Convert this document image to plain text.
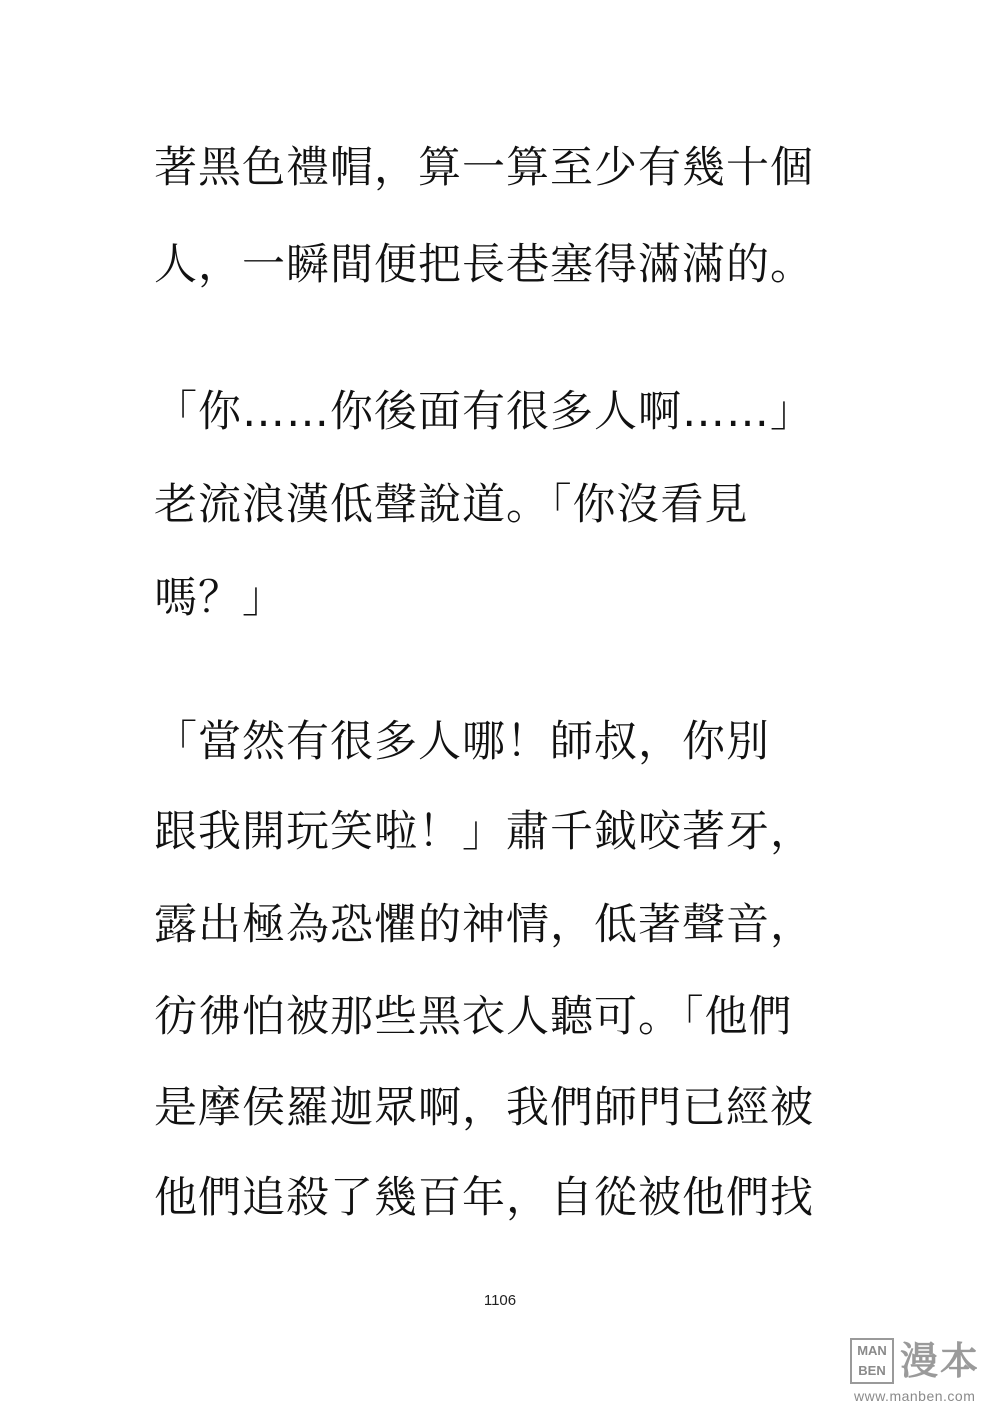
著黑色禮帽，算一算至少有幾十個
人，一瞬間便把長巷塞得滿滿的。
「你……你後面有很多人啊……」
老流浪漢低聲說道。「你沒看見
嗎？」
「當然有很多人哪！師叔，你別
跟我開玩笑啦！」肅千鉞咬著牙，
露出極為恐懼的神情，低著聲音，
彷彿怕被那些黑衣人聽可。「他們
是摩侯羅迦眾啊，我們師門已經被
他們追殺了幾百年，自從被他們找
1106
MAN
BEN 漫本
www.manben.com
